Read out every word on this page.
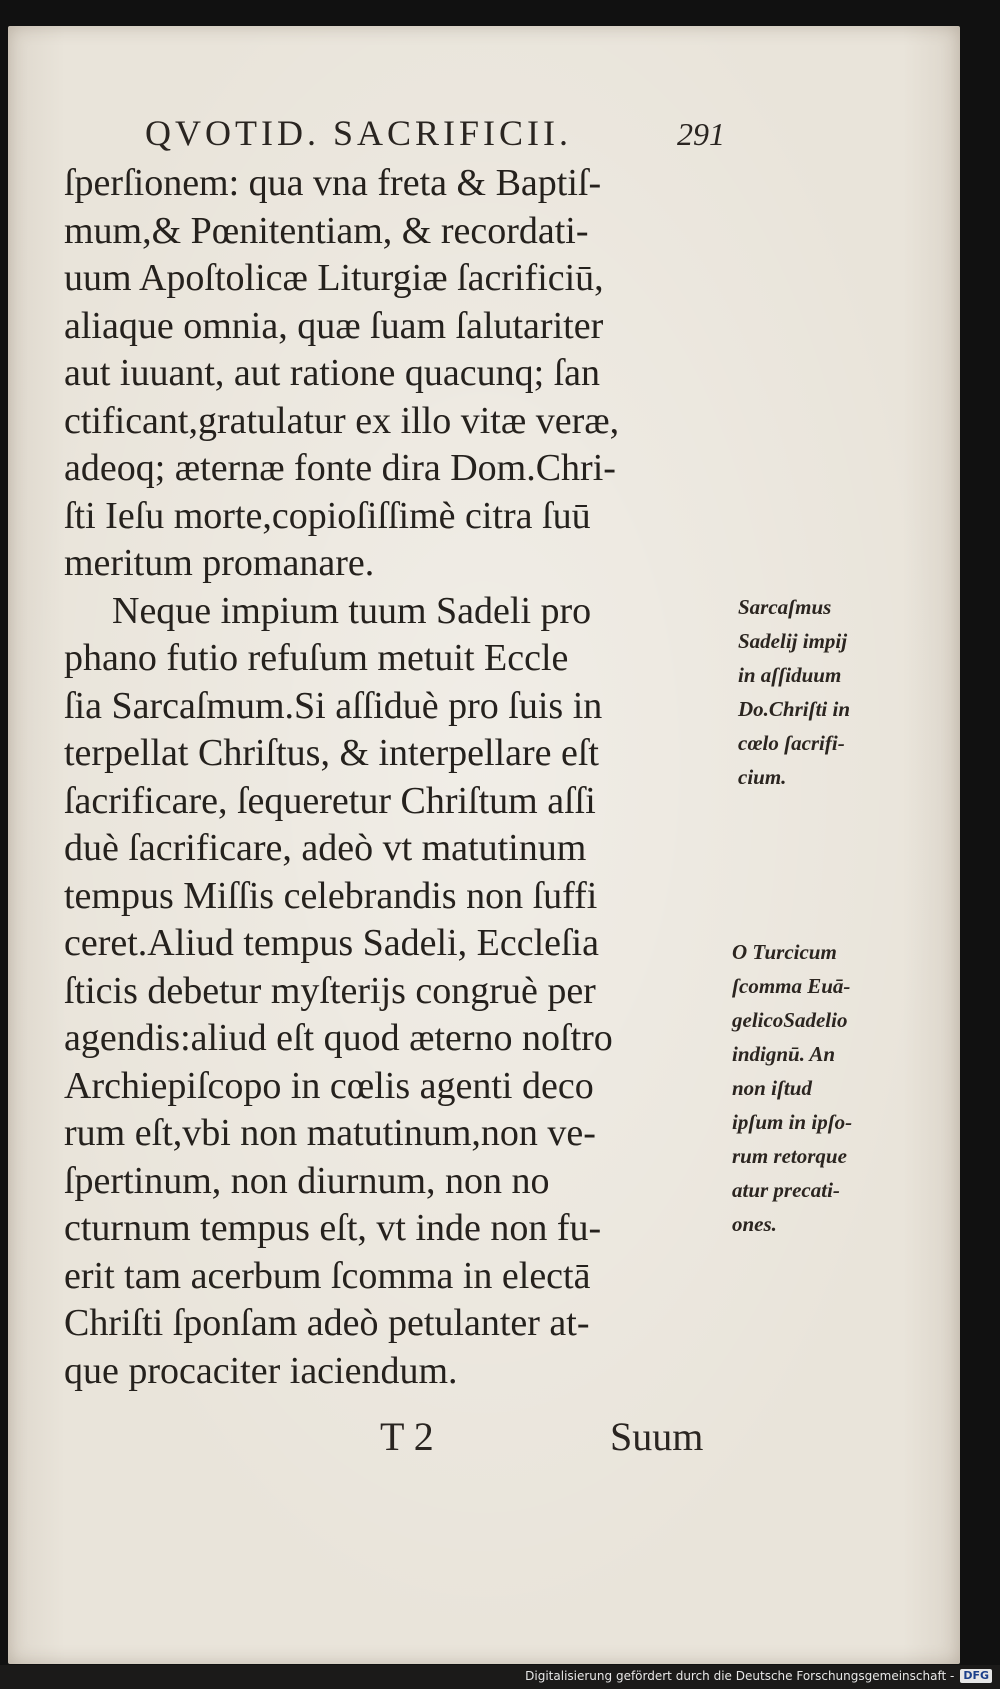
QVOTID. SACRIFICII.	291
ſperſionem: qua vna freta & Baptiſ-
mum,& Pœnitentiam, & recordati-
uum Apoſtolicæ Liturgiæ ſacrificiū,
aliaque omnia, quæ ſuam ſalutariter
aut iuuant, aut ratione quacunq; ſan
ctificant,gratulatur ex illo vitæ veræ,
adeoq; æternæ fonte dira Dom.Chri-
ſti Ieſu morte,copioſiſſimè citra ſuū
meritum promanare.
Neque impium tuum Sadeli pro
phano futio refuſum metuit Eccle
ſia Sarcaſmum.Si aſſiduè pro ſuis in
terpellat Chriſtus, & interpellare eſt
ſacrificare, ſequeretur Chriſtum aſſi
duè ſacrificare, adeò vt matutinum
tempus Miſſis celebrandis non ſuffi
ceret.Aliud tempus Sadeli, Eccleſia
ſticis debetur myſterijs congruè per
agendis:aliud eſt quod æterno noſtro
Archiepiſcopo in cœlis agenti deco
rum eſt,vbi non matutinum,non ve-
ſpertinum, non diurnum, non no
cturnum tempus eſt, vt inde non fu-
erit tam acerbum ſcomma in electā
Chriſti ſponſam adeò petulanter at-
que procaciter iaciendum.
Sarcaſmus
Sadelij impij
in aſſiduum
Do.Chriſti in
cœlo ſacrifi-
cium.
O Turcicum
ſcomma Euā-
gelicoSadelio
indignū. An
non iſtud
ipſum in ipſo-
rum retorque
atur precati-
ones.
T 2	Suum
Digitalisierung gefördert durch die Deutsche Forschungsgemeinschaft - DFG
